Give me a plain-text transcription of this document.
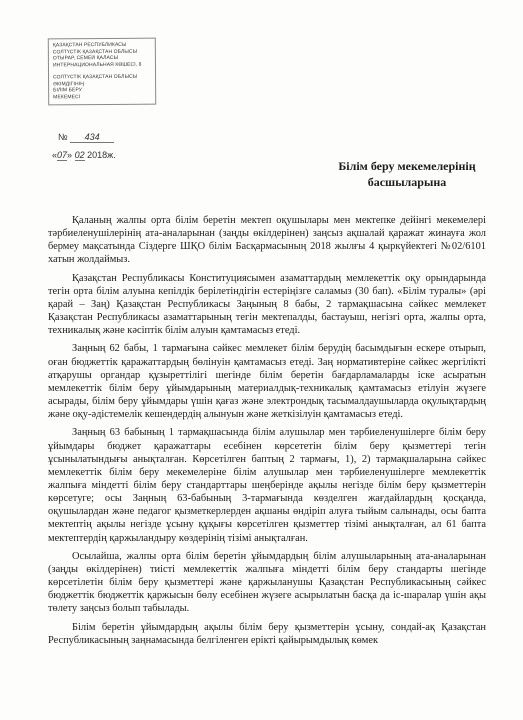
ҚАЗАҚСТАН РЕСПУБЛИКАСЫ
СОЛТҮСТІК ҚАЗАҚСТАН ОБЛЫСЫ
ОТЫРАР, СЕМЕЙ ҚАЛАСЫ
ИНТЕРНАЦИОНАЛЬНАЯ КӨШЕСІ, 8
СОЛТҮСТІК ҚАЗАҚСТАН ОБЛЫСЫ
ӘКІМДІГІНІҢ
БІЛІМ БЕРУ
МЕКЕМЕСІ
№ 434
«07» 02 2018ж.
Білім беру мекемелерінің
басшыларына

Қаланың жалпы орта білім беретін мектеп оқушылары мен мектепке дейінгі мекемелері тәрбиеленушілерінің ата-аналарынан (заңды өкілдерінен) заңсыз ақшалай қаражат жинауға жол бермеу мақсатында Сіздерге ШҚО білім Басқармасының 2018 жылғы 4 қыркүйектегі №02/6101 хатын жолдаймыз.

Қазақстан Республикасы Конституциясымен азаматтардың мемлекеттік оқу орындарында тегін орта білім алуына кепілдік берілетіндігін естеріңізге саламыз (30 бап). «Білім туралы» (әрі қарай – Заң) Қазақстан Республикасы Заңының 8 бабы, 2 тармақшасына сәйкес мемлекет Қазақстан Республикасы азаматтарының тегін мектепалды, бастауыш, негізгі орта, жалпы орта, техникалық және кәсіптік білім алуын қамтамасыз етеді.

Заңның 62 бабы, 1 тармағына сәйкес мемлекет білім берудің басымдығын ескере отырып, оған бюджеттік қаражаттардың бөлінуін қамтамасыз етеді. Заң нормативтеріне сәйкес жергілікті атқарушы органдар құзыреттілігі шегінде білім беретін бағдарламаларды іске асыратын мемлекеттік білім беру ұйымдарының материалдық-техникалық қамтамасыз етілуін жүзеге асырады, білім беру ұйымдары үшін қағаз және электрондық тасымалдаушыларда оқулықтардың және оқу-әдістемелік кешендердің алынуын және жеткізілуін қамтамасыз етеді.

Заңның 63 бабының 1 тармақшасында білім алушылар мен тәрбиеленушілерге білім беру ұйымдары бюджет қаражаттары есебінен көрсететін білім беру қызметтері тегін ұсынылатындығы анықталған. Көрсетілген баптың 2 тармағы, 1), 2) тармақшаларына сәйкес мемлекеттік білім беру мекемелеріне білім алушылар мен тәрбиеленушілерге мемлекеттік жалпыға міндетті білім беру стандарттары шеңберінде ақылы негізде білім беру қызметтерін көрсетуге; осы Заңның 63-бабының 3-тармағында көзделген жағдайлардың қосқанда, оқушылардан және педагог қызметкерлерден ақшаны өндіріп алуға тыйым салынады, осы бапта мектептің ақылы негізде ұсыну құқығы көрсетілген қызметтер тізімі анықталған, ал 61 бапта мектептердің қаржыландыру көздерінің тізімі анықталған.

Осылайша, жалпы орта білім беретін ұйымдардың білім алушыларының ата-аналарынан (заңды өкілдерінен) тиісті мемлекеттік жалпыға міндетті білім беру стандарты шегінде көрсетілетін білім беру қызметтері және қаржыланушы Қазақстан Республикасының сәйкес бюджеттік бюджеттік қаржысын бөлу есебінен жүзеге асырылатын басқа да іс-шаралар үшін ақы төлету заңсыз болып табылады.

Білім беретін ұйымдардың ақылы білім беру қызметтерін ұсыну, сондай-ақ Қазақстан Республикасының заңнамасында белгіленген ерікті қайырымдылық көмек
